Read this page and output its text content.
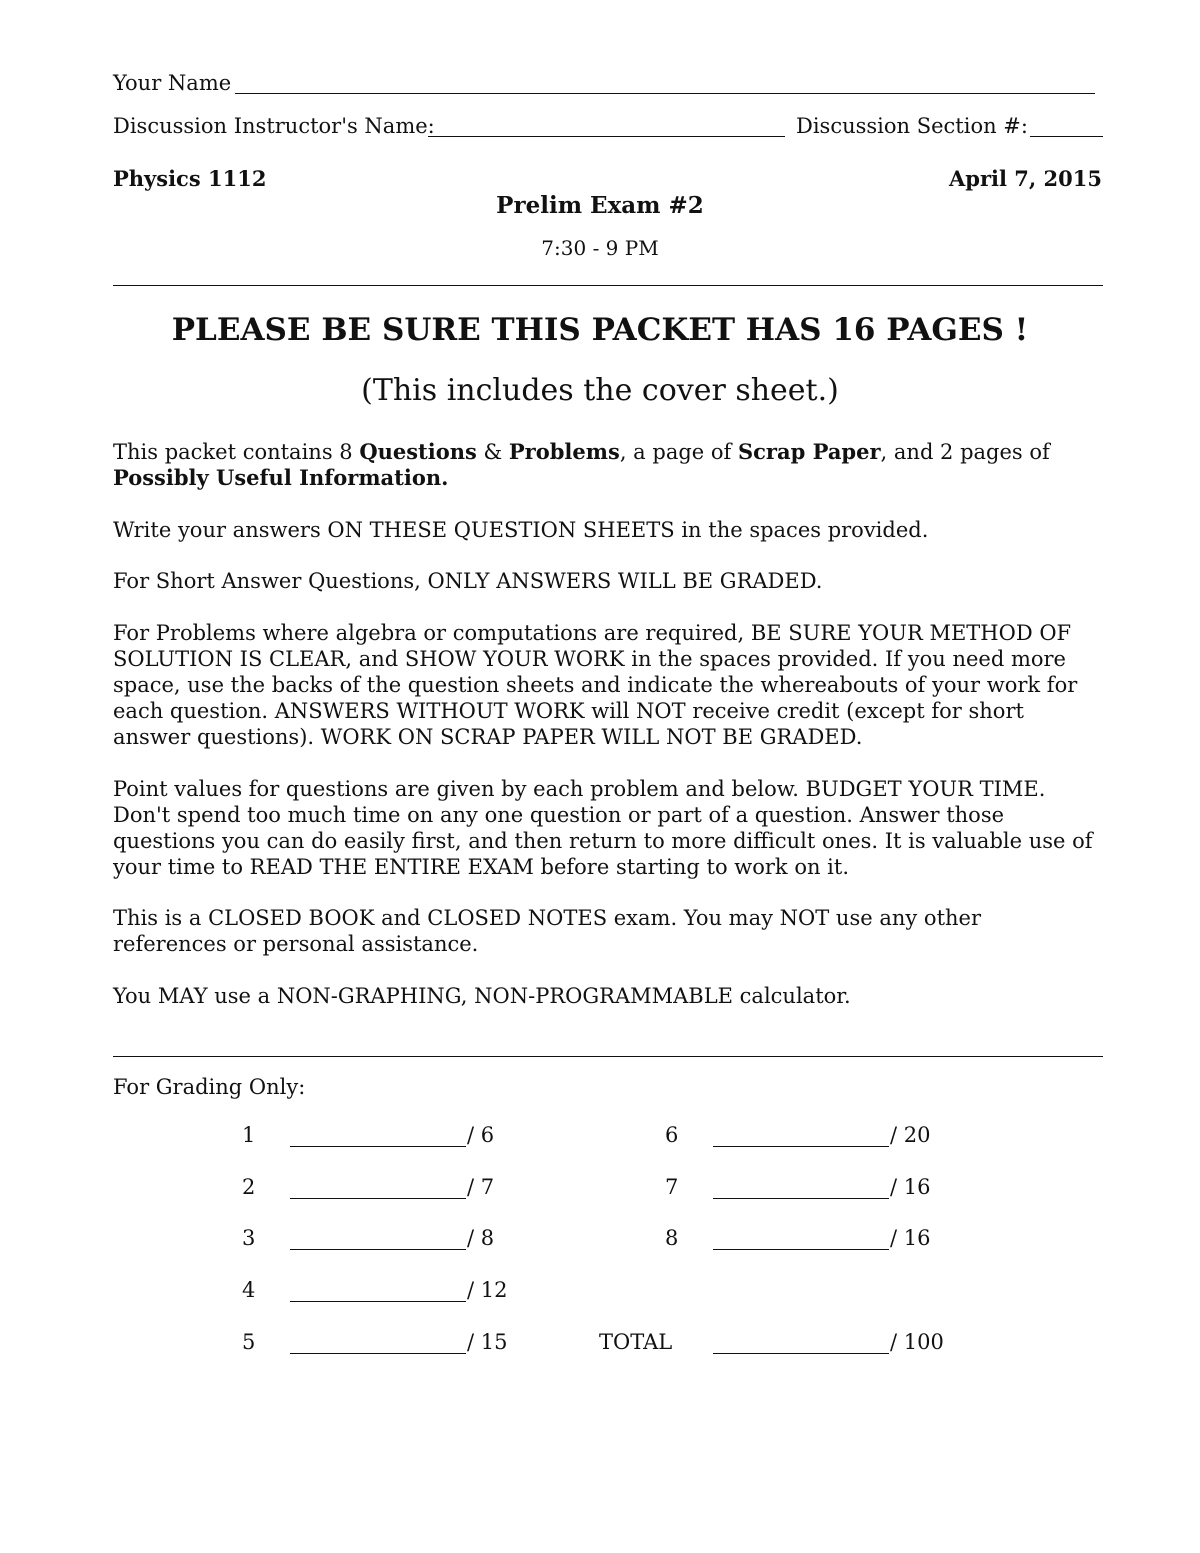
Your Name
Discussion Instructor's Name:	Discussion Section #:
Physics 1112	April 7, 2015
Prelim Exam #2
7:30 - 9 PM
PLEASE BE SURE THIS PACKET HAS 16 PAGES !
(This includes the cover sheet.)

This packet contains 8 Questions & Problems, a page of Scrap Paper, and 2 pages of

Possibly Useful Information.

Write your answers ON THESE QUESTION SHEETS in the spaces provided.

For Short Answer Questions, ONLY ANSWERS WILL BE GRADED.

For Problems where algebra or computations are required, BE SURE YOUR METHOD OF

SOLUTION IS CLEAR, and SHOW YOUR WORK in the spaces provided. If you need more

space, use the backs of the question sheets and indicate the whereabouts of your work for

each question. ANSWERS WITHOUT WORK will NOT receive credit (except for short

answer questions). WORK ON SCRAP PAPER WILL NOT BE GRADED.

Point values for questions are given by each problem and below. BUDGET YOUR TIME.

Don't spend too much time on any one question or part of a question. Answer those

questions you can do easily first, and then return to more difficult ones. It is valuable use of

your time to READ THE ENTIRE EXAM before starting to work on it.

This is a CLOSED BOOK and CLOSED NOTES exam. You may NOT use any other

references or personal assistance.

You MAY use a NON-GRAPHING, NON-PROGRAMMABLE calculator.

For Grading Only:
1	/ 6
2	/ 7
3	/ 8
4	/ 12
5	/ 15
6	/ 20
7	/ 16
8	/ 16
TOTAL	/ 100
